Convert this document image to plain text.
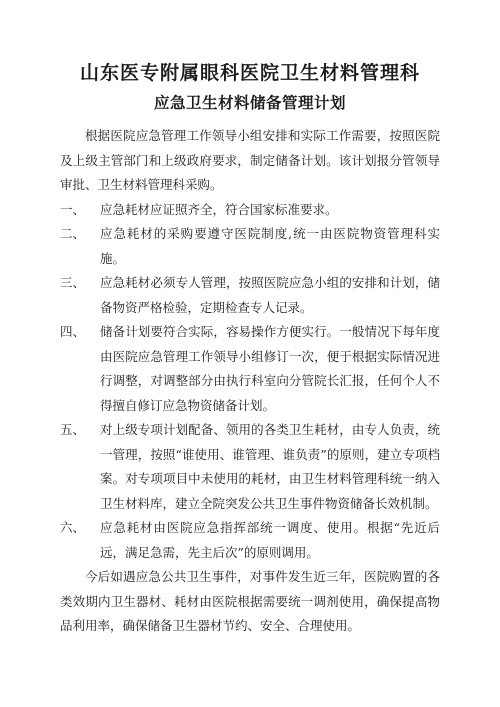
山东医专附属眼科医院卫生材料管理科
应急卫生材料储备管理计划

根据医院应急管理工作领导小组安排和实际工作需要，按照医院及上级主管部门和上级政府要求，制定储备计划。该计划报分管领导审批、卫生材料管理科采购。

一、	应急耗材应证照齐全，符合国家标准要求。
二、	应急耗材的采购要遵守医院制度,统一由医院物资管理科实施。
三、	应急耗材必须专人管理，按照医院应急小组的安排和计划，储备物资严格检验，定期检查专人记录。
四、	储备计划要符合实际，容易操作方便实行。一般情况下每年度由医院应急管理工作领导小组修订一次，便于根据实际情况进行调整，对调整部分由执行科室向分管院长汇报，任何个人不得擅自修订应急物资储备计划。
五、	对上级专项计划配备、领用的各类卫生耗材，由专人负责，统一管理，按照“谁使用、谁管理、谁负责”的原则，建立专项档案。对专项项目中未使用的耗材，由卫生材料管理科统一纳入卫生材料库，建立全院突发公共卫生事件物资储备长效机制。
六、	应急耗材由医院应急指挥部统一调度、使用。根据“先近后远，满足急需，先主后次”的原则调用。

今后如遇应急公共卫生事件，对事件发生近三年，医院购置的各类效期内卫生器材、耗材由医院根据需要统一调剂使用，确保提高物品利用率，确保储备卫生器材节约、安全、合理使用。
